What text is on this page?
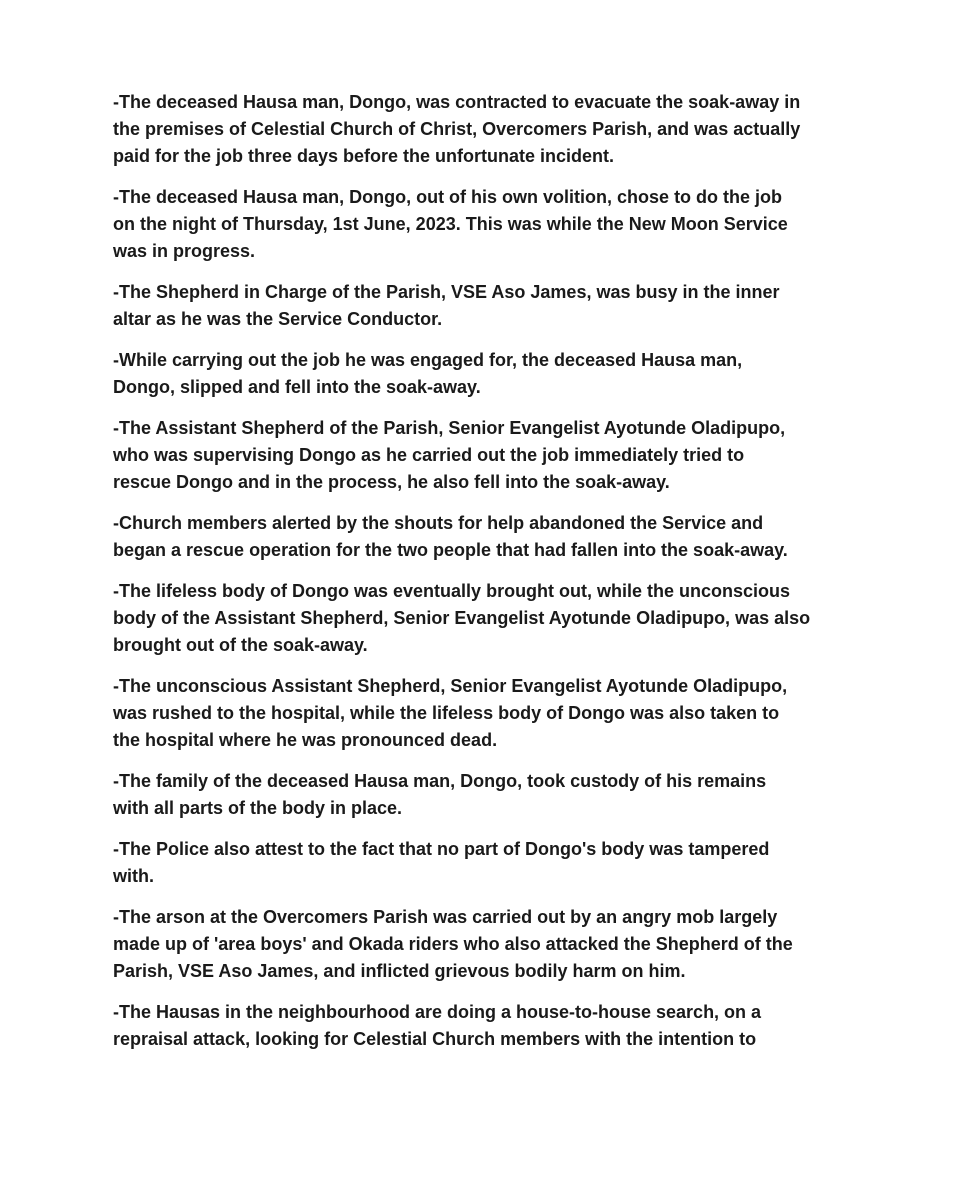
-The deceased Hausa man, Dongo, was contracted to evacuate the soak-away in
the premises of Celestial Church of Christ, Overcomers Parish, and was actually
paid for the job three days before the unfortunate incident.

-The deceased Hausa man, Dongo, out of his own volition, chose to do the job
on the night of Thursday, 1st June, 2023. This was while the New Moon Service
was in progress.

-The Shepherd in Charge of the Parish, VSE Aso James, was busy in the inner
altar as he was the Service Conductor.

-While carrying out the job he was engaged for, the deceased Hausa man,
Dongo, slipped and fell into the soak-away.

-The Assistant Shepherd of the Parish, Senior Evangelist Ayotunde Oladipupo,
who was supervising Dongo as he carried out the job immediately tried to
rescue Dongo and in the process, he also fell into the soak-away.

-Church members alerted by the shouts for help abandoned the Service and
began a rescue operation for the two people that had fallen into the soak-away.

-The lifeless body of Dongo was eventually brought out, while the unconscious
body of the Assistant Shepherd, Senior Evangelist Ayotunde Oladipupo, was also
brought out of the soak-away.

-The unconscious Assistant Shepherd, Senior Evangelist Ayotunde Oladipupo,
was rushed to the hospital, while the lifeless body of Dongo was also taken to
the hospital where he was pronounced dead.

-The family of the deceased Hausa man, Dongo, took custody of his remains
with all parts of the body in place.

-The Police also attest to the fact that no part of Dongo's body was tampered
with.

-The arson at the Overcomers Parish was carried out by an angry mob largely
made up of 'area boys' and Okada riders who also attacked the Shepherd of the
Parish, VSE Aso James, and inflicted grievous bodily harm on him.

-The Hausas in the neighbourhood are doing a house-to-house search, on a
repraisal attack, looking for Celestial Church members with the intention to
